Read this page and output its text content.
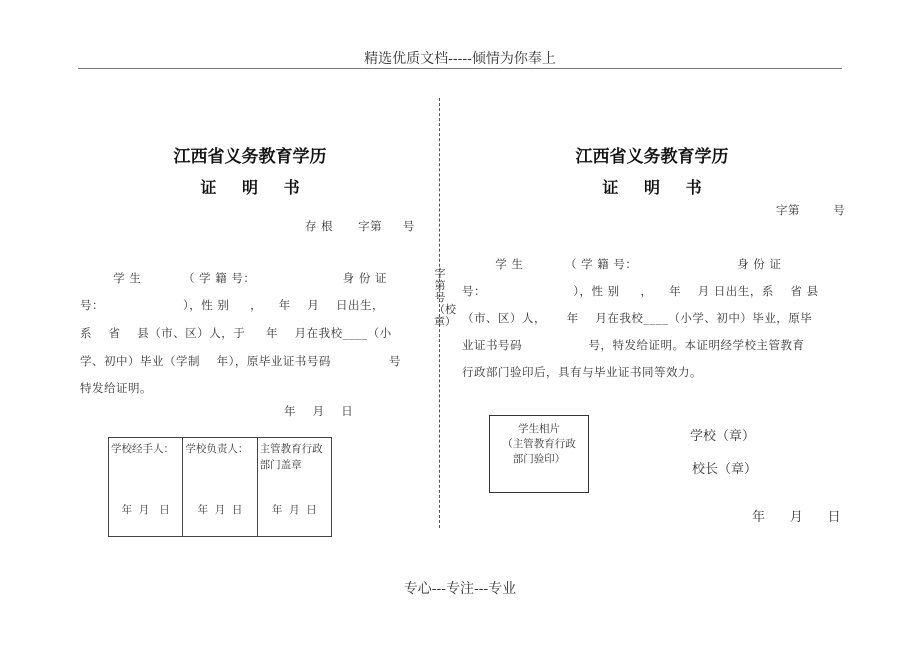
精选优质文档-----倾情为你奉上
字第号（校章）
江西省义务教育学历
证 明 书
存 根      字第     号
学 生          （ 学 籍 号：                     身 份 证
号：                   ），性 别     ，    年    月    日出生，
系    省    县（市、区）人，于     年    月在我校____（小
学、初中）毕业（学制    年），原毕业证书号码              号
特发给证明。
年    月    日
学校经手人：
年  月   日
学校负责人：
年  月  日
主管教育行政部门盖章
年  月  日
江西省义务教育学历
证 明 书
字第        号
学 生          （ 学 籍 号：                        身 份 证
号：                     ），性 别     ，    年    月 日出生，系    省 县
（市、区）人，     年    月在我校____（小学、初中）毕业，原毕
业证书号码                号，特发给证明。本证明经学校主管教育
行政部门验印后，具有与毕业证书同等效力。
学生相片
（主管教育行政
部门验印）
学校（章）
校长（章）
年      月      日
专心---专注---专业
